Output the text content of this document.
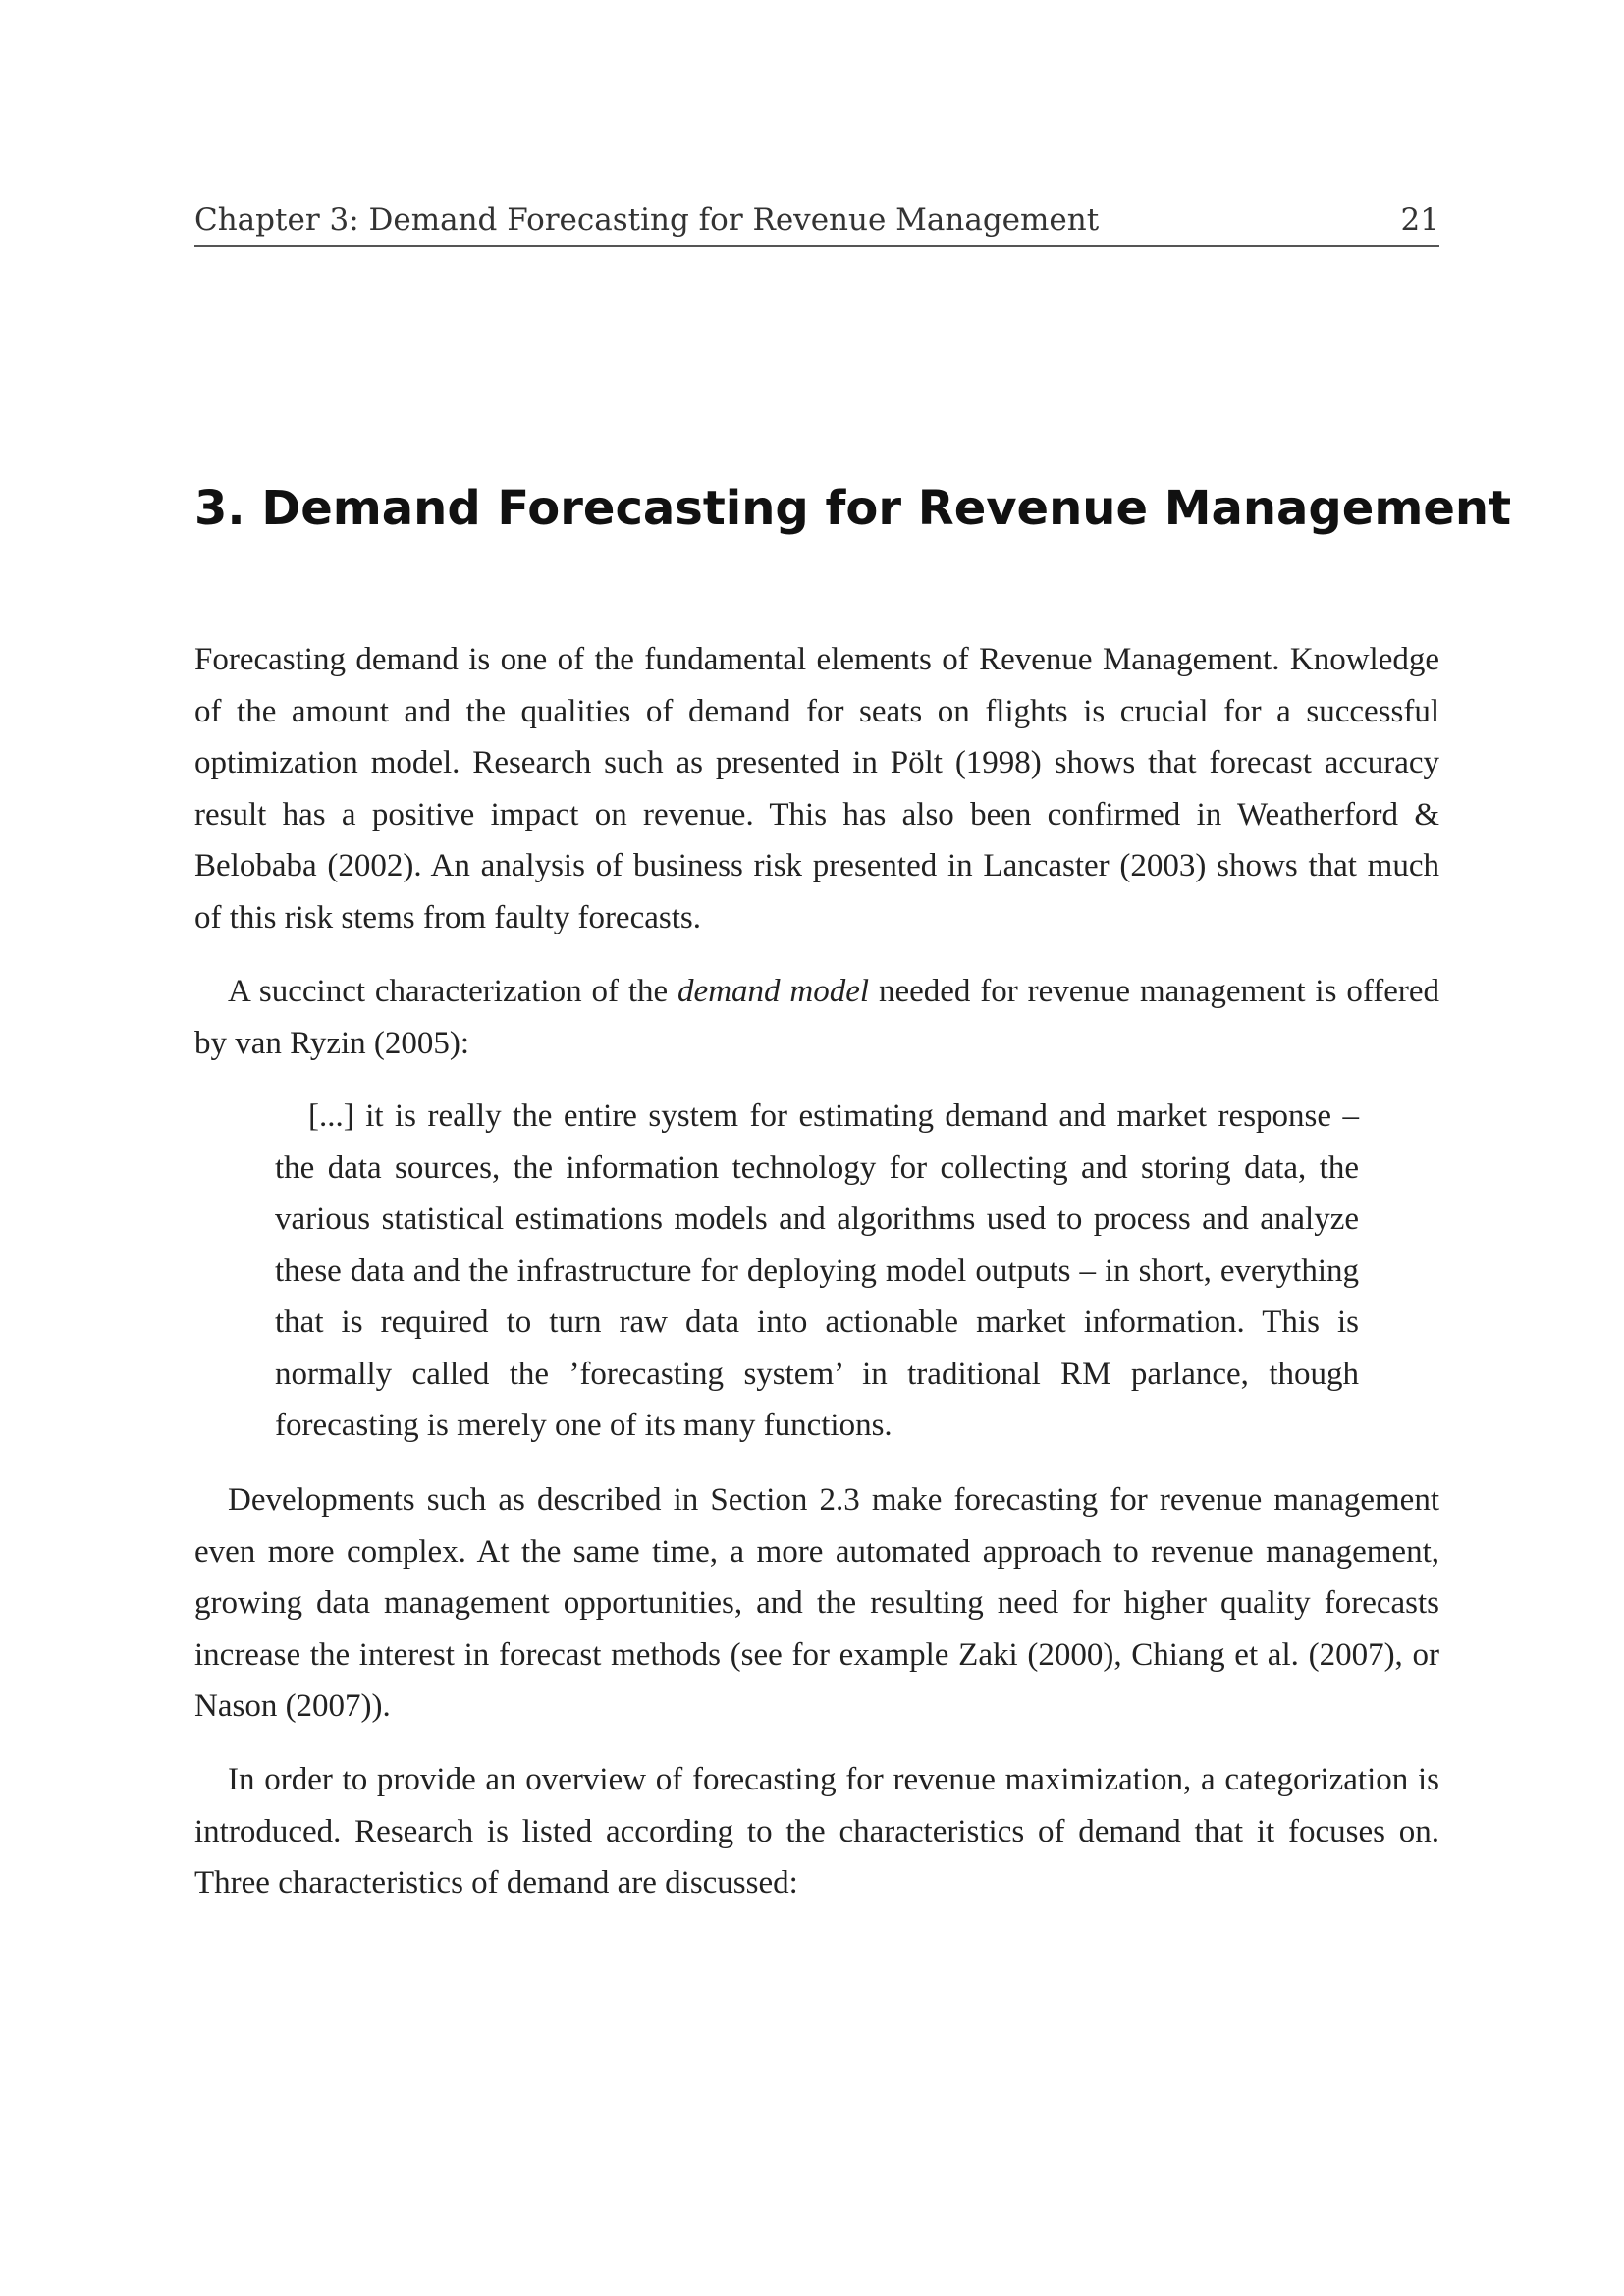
Chapter 3: Demand Forecasting for Revenue Management	21
3. Demand Forecasting for Revenue Management

Forecasting demand is one of the fundamental elements of Revenue Management. Knowledge of the amount and the qualities of demand for seats on flights is crucial for a successful optimization model. Research such as presented in Pölt (1998) shows that forecast accuracy result has a positive impact on revenue. This has also been confirmed in Weatherford & Belobaba (2002). An analysis of business risk presented in Lancaster (2003) shows that much of this risk stems from faulty forecasts.

A succinct characterization of the demand model needed for revenue management is offered by van Ryzin (2005):

[...] it is really the entire system for estimating demand and market response – the data sources, the information technology for collecting and storing data, the various statistical estimations models and algorithms used to process and analyze these data and the infrastructure for deploying model outputs – in short, everything that is required to turn raw data into actionable market information. This is normally called the ’forecasting system’ in traditional RM parlance, though forecasting is merely one of its many functions.

Developments such as described in Section 2.3 make forecasting for revenue management even more complex. At the same time, a more automated approach to revenue management, growing data management opportunities, and the resulting need for higher quality forecasts increase the interest in forecast methods (see for example Zaki (2000), Chiang et al. (2007), or Nason (2007)).

In order to provide an overview of forecasting for revenue maximization, a categorization is introduced. Research is listed according to the characteristics of demand that it focuses on. Three characteristics of demand are discussed:
